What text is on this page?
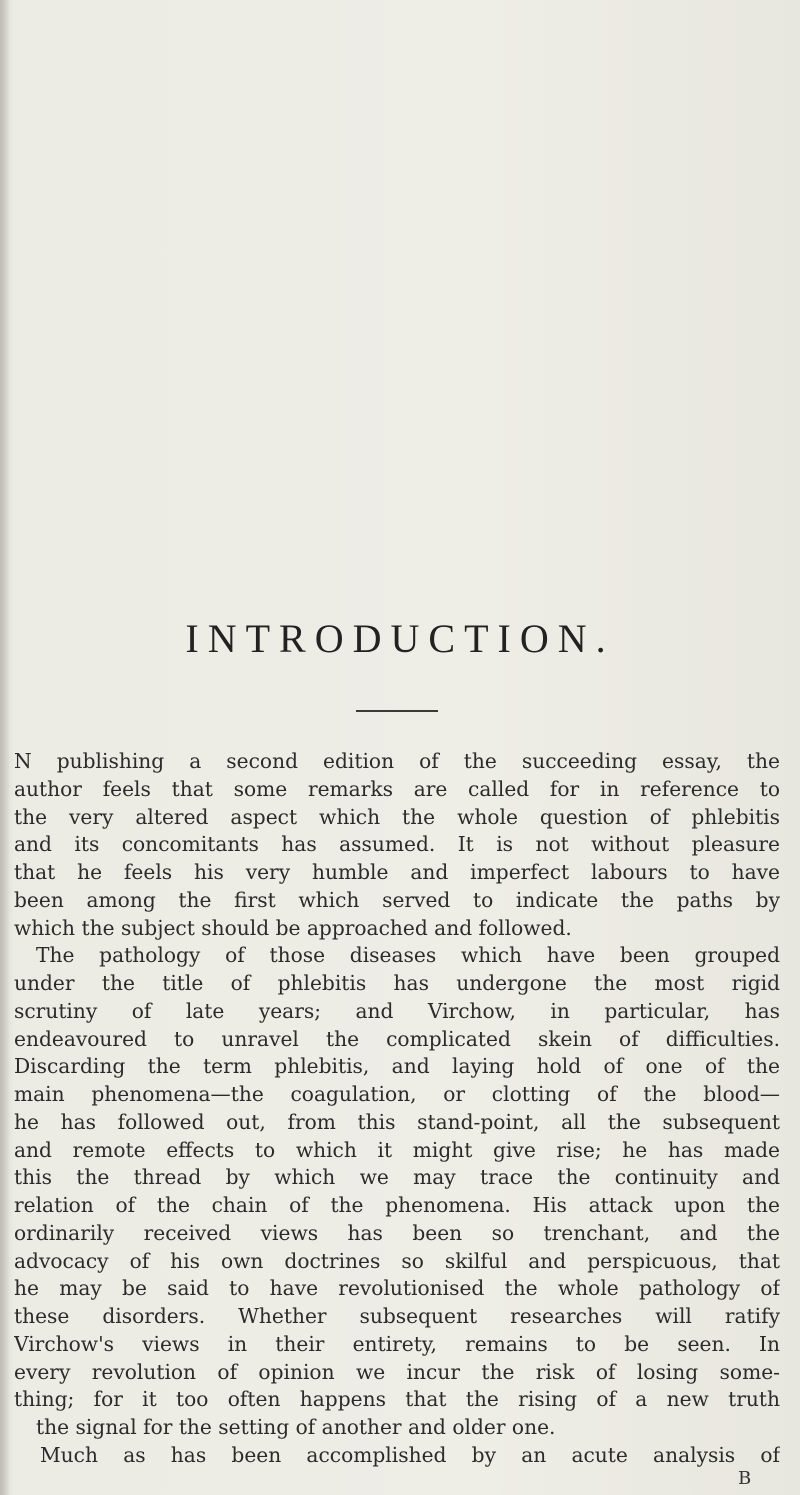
INTRODUCTION.
N publishing a second edition of the succeeding essay, the
author feels that some remarks are called for in reference to
the very altered aspect which the whole question of phlebitis
and its concomitants has assumed. It is not without pleasure
that he feels his very humble and imperfect labours to have
been among the first which served to indicate the paths by
which the subject should be approached and followed.
The pathology of those diseases which have been grouped
under the title of phlebitis has undergone the most rigid
scrutiny of late years; and Virchow, in particular, has
endeavoured to unravel the complicated skein of difficulties.
Discarding the term phlebitis, and laying hold of one of the
main phenomena—the coagulation, or clotting of the blood—
he has followed out, from this stand-point, all the subsequent
and remote effects to which it might give rise; he has made
this the thread by which we may trace the continuity and
relation of the chain of the phenomena. His attack upon the
ordinarily received views has been so trenchant, and the
advocacy of his own doctrines so skilful and perspicuous, that
he may be said to have revolutionised the whole pathology of
these disorders. Whether subsequent researches will ratify
Virchow's views in their entirety, remains to be seen. In
every revolution of opinion we incur the risk of losing some-
thing; for it too often happens that the rising of a new truth
the signal for the setting of another and older one.
Much as has been accomplished by an acute analysis of
B
